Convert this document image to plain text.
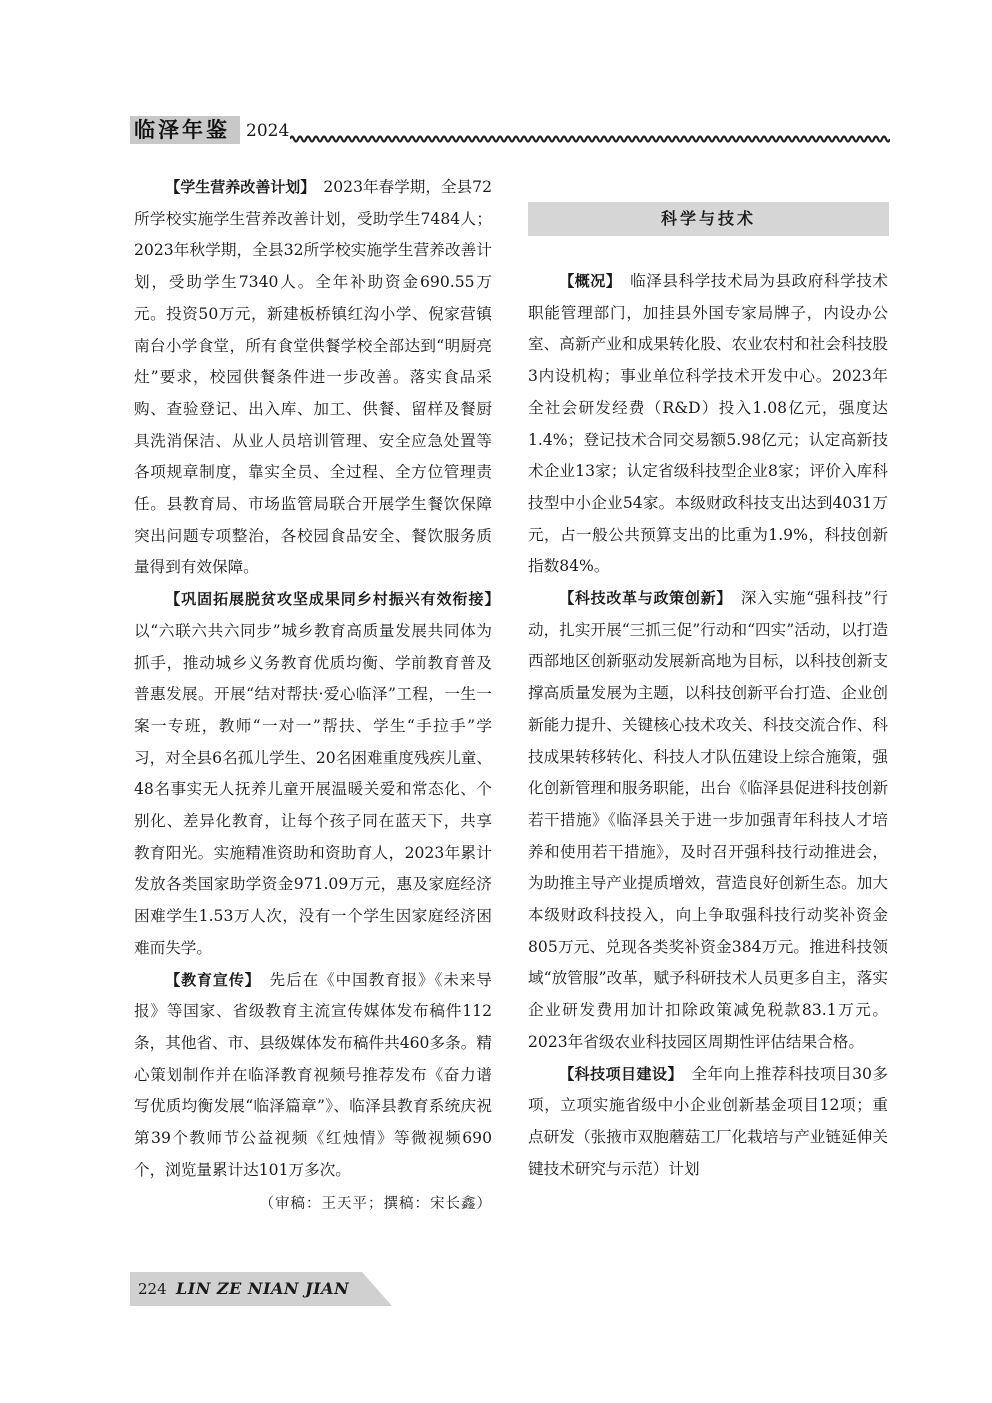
临泽年鉴 2024

【学生营养改善计划】　 2023年春学期，全县72所学校实施学生营养改善计划，受助学生7484人；2023年秋学期，全县32所学校实施学生营养改善计划，受助学生7340人。全年补助资金690.55万元。投资50万元，新建板桥镇红沟小学、倪家营镇南台小学食堂，所有食堂供餐学校全部达到“明厨亮灶”要求，校园供餐条件进一步改善。落实食品采购、查验登记、出入库、加工、供餐、留样及餐厨具洗消保洁、从业人员培训管理、安全应急处置等各项规章制度，靠实全员、全过程、全方位管理责任。县教育局、市场监管局联合开展学生餐饮保障突出问题专项整治，各校园食品安全、餐饮服务质量得到有效保障。

【巩固拓展脱贫攻坚成果同乡村振兴有效衔接】　以“六联六共六同步”城乡教育高质量发展共同体为抓手，推动城乡义务教育优质均衡、学前教育普及普惠发展。开展“结对帮扶·爱心临泽”工程，一生一案一专班，教师“一对一”帮扶、学生“手拉手”学习，对全县6名孤儿学生、20名困难重度残疾儿童、48名事实无人抚养儿童开展温暖关爱和常态化、个别化、差异化教育，让每个孩子同在蓝天下，共享教育阳光。实施精准资助和资助育人，2023年累计发放各类国家助学资金971.09万元，惠及家庭经济困难学生1.53万人次，没有一个学生因家庭经济困难而失学。

【教育宣传】　 先后在《中国教育报》《未来导报》等国家、省级教育主流宣传媒体发布稿件112条，其他省、市、县级媒体发布稿件共460多条。精心策划制作并在临泽教育视频号推荐发布《奋力谱写优质均衡发展“临泽篇章”》、临泽县教育系统庆祝第39个教师节公益视频《红烛情》等微视频690个，浏览量累计达101万多次。

（审稿：王天平；撰稿：宋长鑫）

科学与技术

【概况】　 临泽县科学技术局为县政府科学技术职能管理部门，加挂县外国专家局牌子，内设办公室、高新产业和成果转化股、农业农村和社会科技股3内设机构；事业单位科学技术开发中心。2023年全社会研发经费（R&D）投入1.08亿元，强度达1.4%；登记技术合同交易额5.98亿元；认定高新技术企业13家；认定省级科技型企业8家；评价入库科技型中小企业54家。本级财政科技支出达到4031万元，占一般公共预算支出的比重为1.9%，科技创新指数84%。

【科技改革与政策创新】　 深入实施“强科技”行动，扎实开展“三抓三促”行动和“四实”活动，以打造西部地区创新驱动发展新高地为目标，以科技创新支撑高质量发展为主题，以科技创新平台打造、企业创新能力提升、关键核心技术攻关、科技交流合作、科技成果转移转化、科技人才队伍建设上综合施策，强化创新管理和服务职能，出台《临泽县促进科技创新若干措施》《临泽县关于进一步加强青年科技人才培养和使用若干措施》，及时召开强科技行动推进会，为助推主导产业提质增效，营造良好创新生态。加大本级财政科技投入，向上争取强科技行动奖补资金805万元、兑现各类奖补资金384万元。推进科技领域“放管服”改革，赋予科研技术人员更多自主，落实企业研发费用加计扣除政策减免税款83.1万元。2023年省级农业科技园区周期性评估结果合格。

【科技项目建设】　 全年向上推荐科技项目30多项，立项实施省级中小企业创新基金项目12项；重点研发（张掖市双胞蘑菇工厂化栽培与产业链延伸关键技术研究与示范）计划

224 LIN ZE NIAN JIAN
